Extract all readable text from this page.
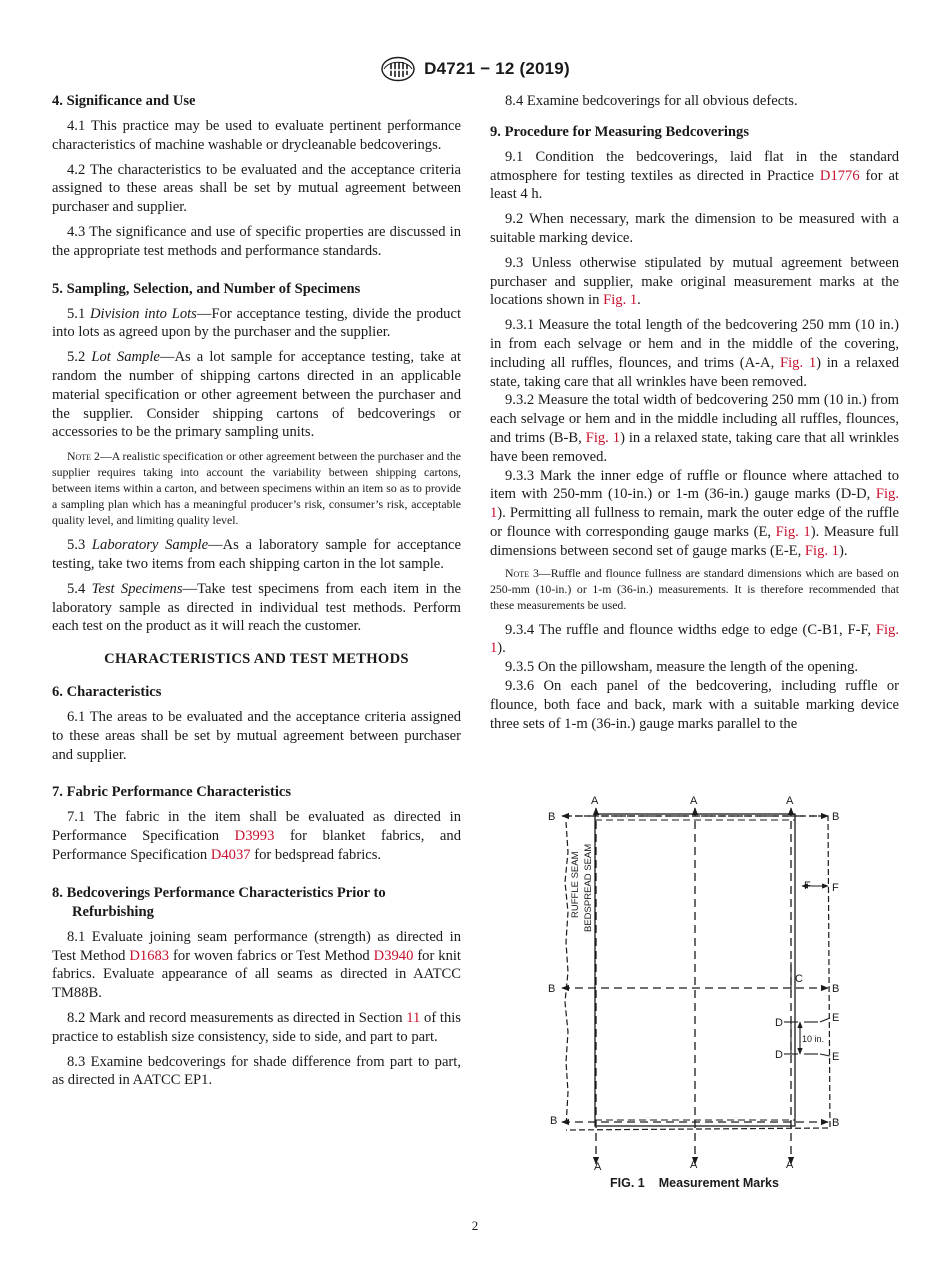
D4721 − 12 (2019)
4. Significance and Use

4.1 This practice may be used to evaluate pertinent performance characteristics of machine washable or drycleanable bedcoverings.

4.2 The characteristics to be evaluated and the acceptance criteria assigned to these areas shall be set by mutual agreement between purchaser and supplier.

4.3 The significance and use of specific properties are discussed in the appropriate test methods and performance standards.

5. Sampling, Selection, and Number of Specimens

5.1 Division into Lots—For acceptance testing, divide the product into lots as agreed upon by the purchaser and the supplier.

5.2 Lot Sample—As a lot sample for acceptance testing, take at random the number of shipping cartons directed in an applicable material specification or other agreement between the purchaser and the supplier. Consider shipping cartons of bedcoverings or accessories to be the primary sampling units.

Note 2—A realistic specification or other agreement between the purchaser and the supplier requires taking into account the variability between shipping cartons, between items within a carton, and between specimens within an item so as to provide a sampling plan which has a meaningful producer’s risk, consumer’s risk, acceptable quality level, and limiting quality level.

5.3 Laboratory Sample—As a laboratory sample for acceptance testing, take two items from each shipping carton in the lot sample.

5.4 Test Specimens—Take test specimens from each item in the laboratory sample as directed in individual test methods. Perform each test on the product as it will reach the customer.

CHARACTERISTICS AND TEST METHODS
6. Characteristics

6.1 The areas to be evaluated and the acceptance criteria assigned to these areas shall be set by mutual agreement between purchaser and supplier.

7. Fabric Performance Characteristics

7.1 The fabric in the item shall be evaluated as directed in Performance Specification D3993 for blanket fabrics, and Performance Specification D4037 for bedspread fabrics.

8. Bedcoverings Performance Characteristics Prior to
Refurbishing

8.1 Evaluate joining seam performance (strength) as directed in Test Method D1683 for woven fabrics or Test Method D3940 for knit fabrics. Evaluate appearance of all seams as directed in AATCC TM88B.

8.2 Mark and record measurements as directed in Section 11 of this practice to establish size consistency, side to side, and part to part.

8.3 Examine bedcoverings for shade difference from part to part, as directed in AATCC EP1.

8.4 Examine bedcoverings for all obvious defects.

9. Procedure for Measuring Bedcoverings

9.1 Condition the bedcoverings, laid flat in the standard atmosphere for testing textiles as directed in Practice D1776 for at least 4 h.

9.2 When necessary, mark the dimension to be measured with a suitable marking device.

9.3 Unless otherwise stipulated by mutual agreement between purchaser and supplier, make original measurement marks at the locations shown in Fig. 1.

9.3.1 Measure the total length of the bedcovering 250 mm (10 in.) in from each selvage or hem and in the middle of the covering, including all ruffles, flounces, and trims (A-A, Fig. 1) in a relaxed state, taking care that all wrinkles have been removed.

9.3.2 Measure the total width of bedcovering 250 mm (10 in.) from each selvage or hem and in the middle including all ruffles, flounces, and trims (B-B, Fig. 1) in a relaxed state, taking care that all wrinkles have been removed.

9.3.3 Mark the inner edge of ruffle or flounce where attached to item with 250-mm (10-in.) or 1-m (36-in.) gauge marks (D-D, Fig. 1). Permitting all fullness to remain, mark the outer edge of the ruffle or flounce with corresponding gauge marks (E, Fig. 1). Measure full dimensions between second set of gauge marks (E-E, Fig. 1).

Note 3—Ruffle and flounce fullness are standard dimensions which are based on 250-mm (10-in.) or 1-m (36-in.) measurements. It is therefore recommended that these measurements be used.

9.3.4 The ruffle and flounce widths edge to edge (C-B1, F-F, Fig. 1).

9.3.5 On the pillowsham, measure the length of the opening.

9.3.6 On each panel of the bedcovering, including ruffle or flounce, both face and back, mark with a suitable marking device three sets of 1-m (36-in.) gauge marks parallel to the

A	A	A
A	A	A
B	B
B	B
B	B
C
D
D
E
E
F F
10 in.
RUFFLE SEAM BEDSPREAD SEAM
FIG. 1 Measurement Marks
2
